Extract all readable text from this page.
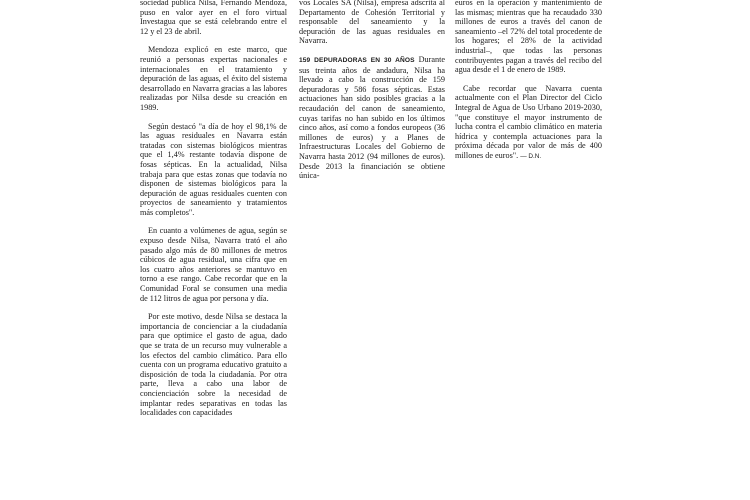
sociedad pública Nilsa, Fernando Mendoza, puso en valor ayer en el foro virtual Investagua que se está celebrando entre el 12 y el 23 de abril.

Mendoza explicó en este marco, que reunió a personas expertas nacionales e internacionales en el tratamiento y depuración de las aguas, el éxito del sistema desarrollado en Navarra gracias a las labores realizadas por Nilsa desde su creación en 1989.

Según destacó "a día de hoy el 98,1% de las aguas residuales en Navarra están tratadas con sistemas biológicos mientras que el 1,4% restante todavía dispone de fosas sépticas. En la actualidad, Nilsa trabaja para que estas zonas que todavía no disponen de sistemas biológicos para la depuración de aguas residuales cuenten con proyectos de saneamiento y tratamientos más completos".

En cuanto a volúmenes de agua, según se expuso desde Nilsa, Navarra trató el año pasado algo más de 80 millones de metros cúbicos de agua residual, una cifra que en los cuatro años anteriores se mantuvo en torno a ese rango. Cabe recordar que en la Comunidad Foral se consumen una media de 112 litros de agua por persona y día.

Por este motivo, desde Nilsa se destaca la importancia de concienciar a la ciudadanía para que optimice el gasto de agua, dado que se trata de un recurso muy vulnerable a los efectos del cambio climático. Para ello cuenta con un programa educativo gratuito a disposición de toda la ciudadanía. Por otra parte, lleva a cabo una labor de concienciación sobre la necesidad de implantar redes separativas en todas las localidades con capacidades

vos Locales SA (Nilsa), empresa adscrita al Departamento de Cohesión Territorial y responsable del saneamiento y la depuración de las aguas residuales en Navarra.

159 DEPURADORAS EN 30 AÑOS Durante sus treinta años de andadura, Nilsa ha llevado a cabo la construcción de 159 depuradoras y 586 fosas sépticas. Estas actuaciones han sido posibles gracias a la recaudación del canon de saneamiento, cuyas tarifas no han subido en los últimos cinco años, así como a fondos europeos (36 millones de euros) y a Planes de Infraestructuras Locales del Gobierno de Navarra hasta 2012 (94 millones de euros). Desde 2013 la financiación se obtiene única-

euros en la operación y mantenimiento de las mismas; mientras que ha recaudado 330 millones de euros a través del canon de saneamiento –el 72% del total procedente de los hogares; el 28% de la actividad industrial–, que todas las personas contribuyentes pagan a través del recibo del agua desde el 1 de enero de 1989.

Cabe recordar que Navarra cuenta actualmente con el Plan Director del Ciclo Integral de Agua de Uso Urbano 2019-2030, "que constituye el mayor instrumento de lucha contra el cambio climático en materia hídrica y contempla actuaciones para la próxima década por valor de más de 400 millones de euros". — D.N.
